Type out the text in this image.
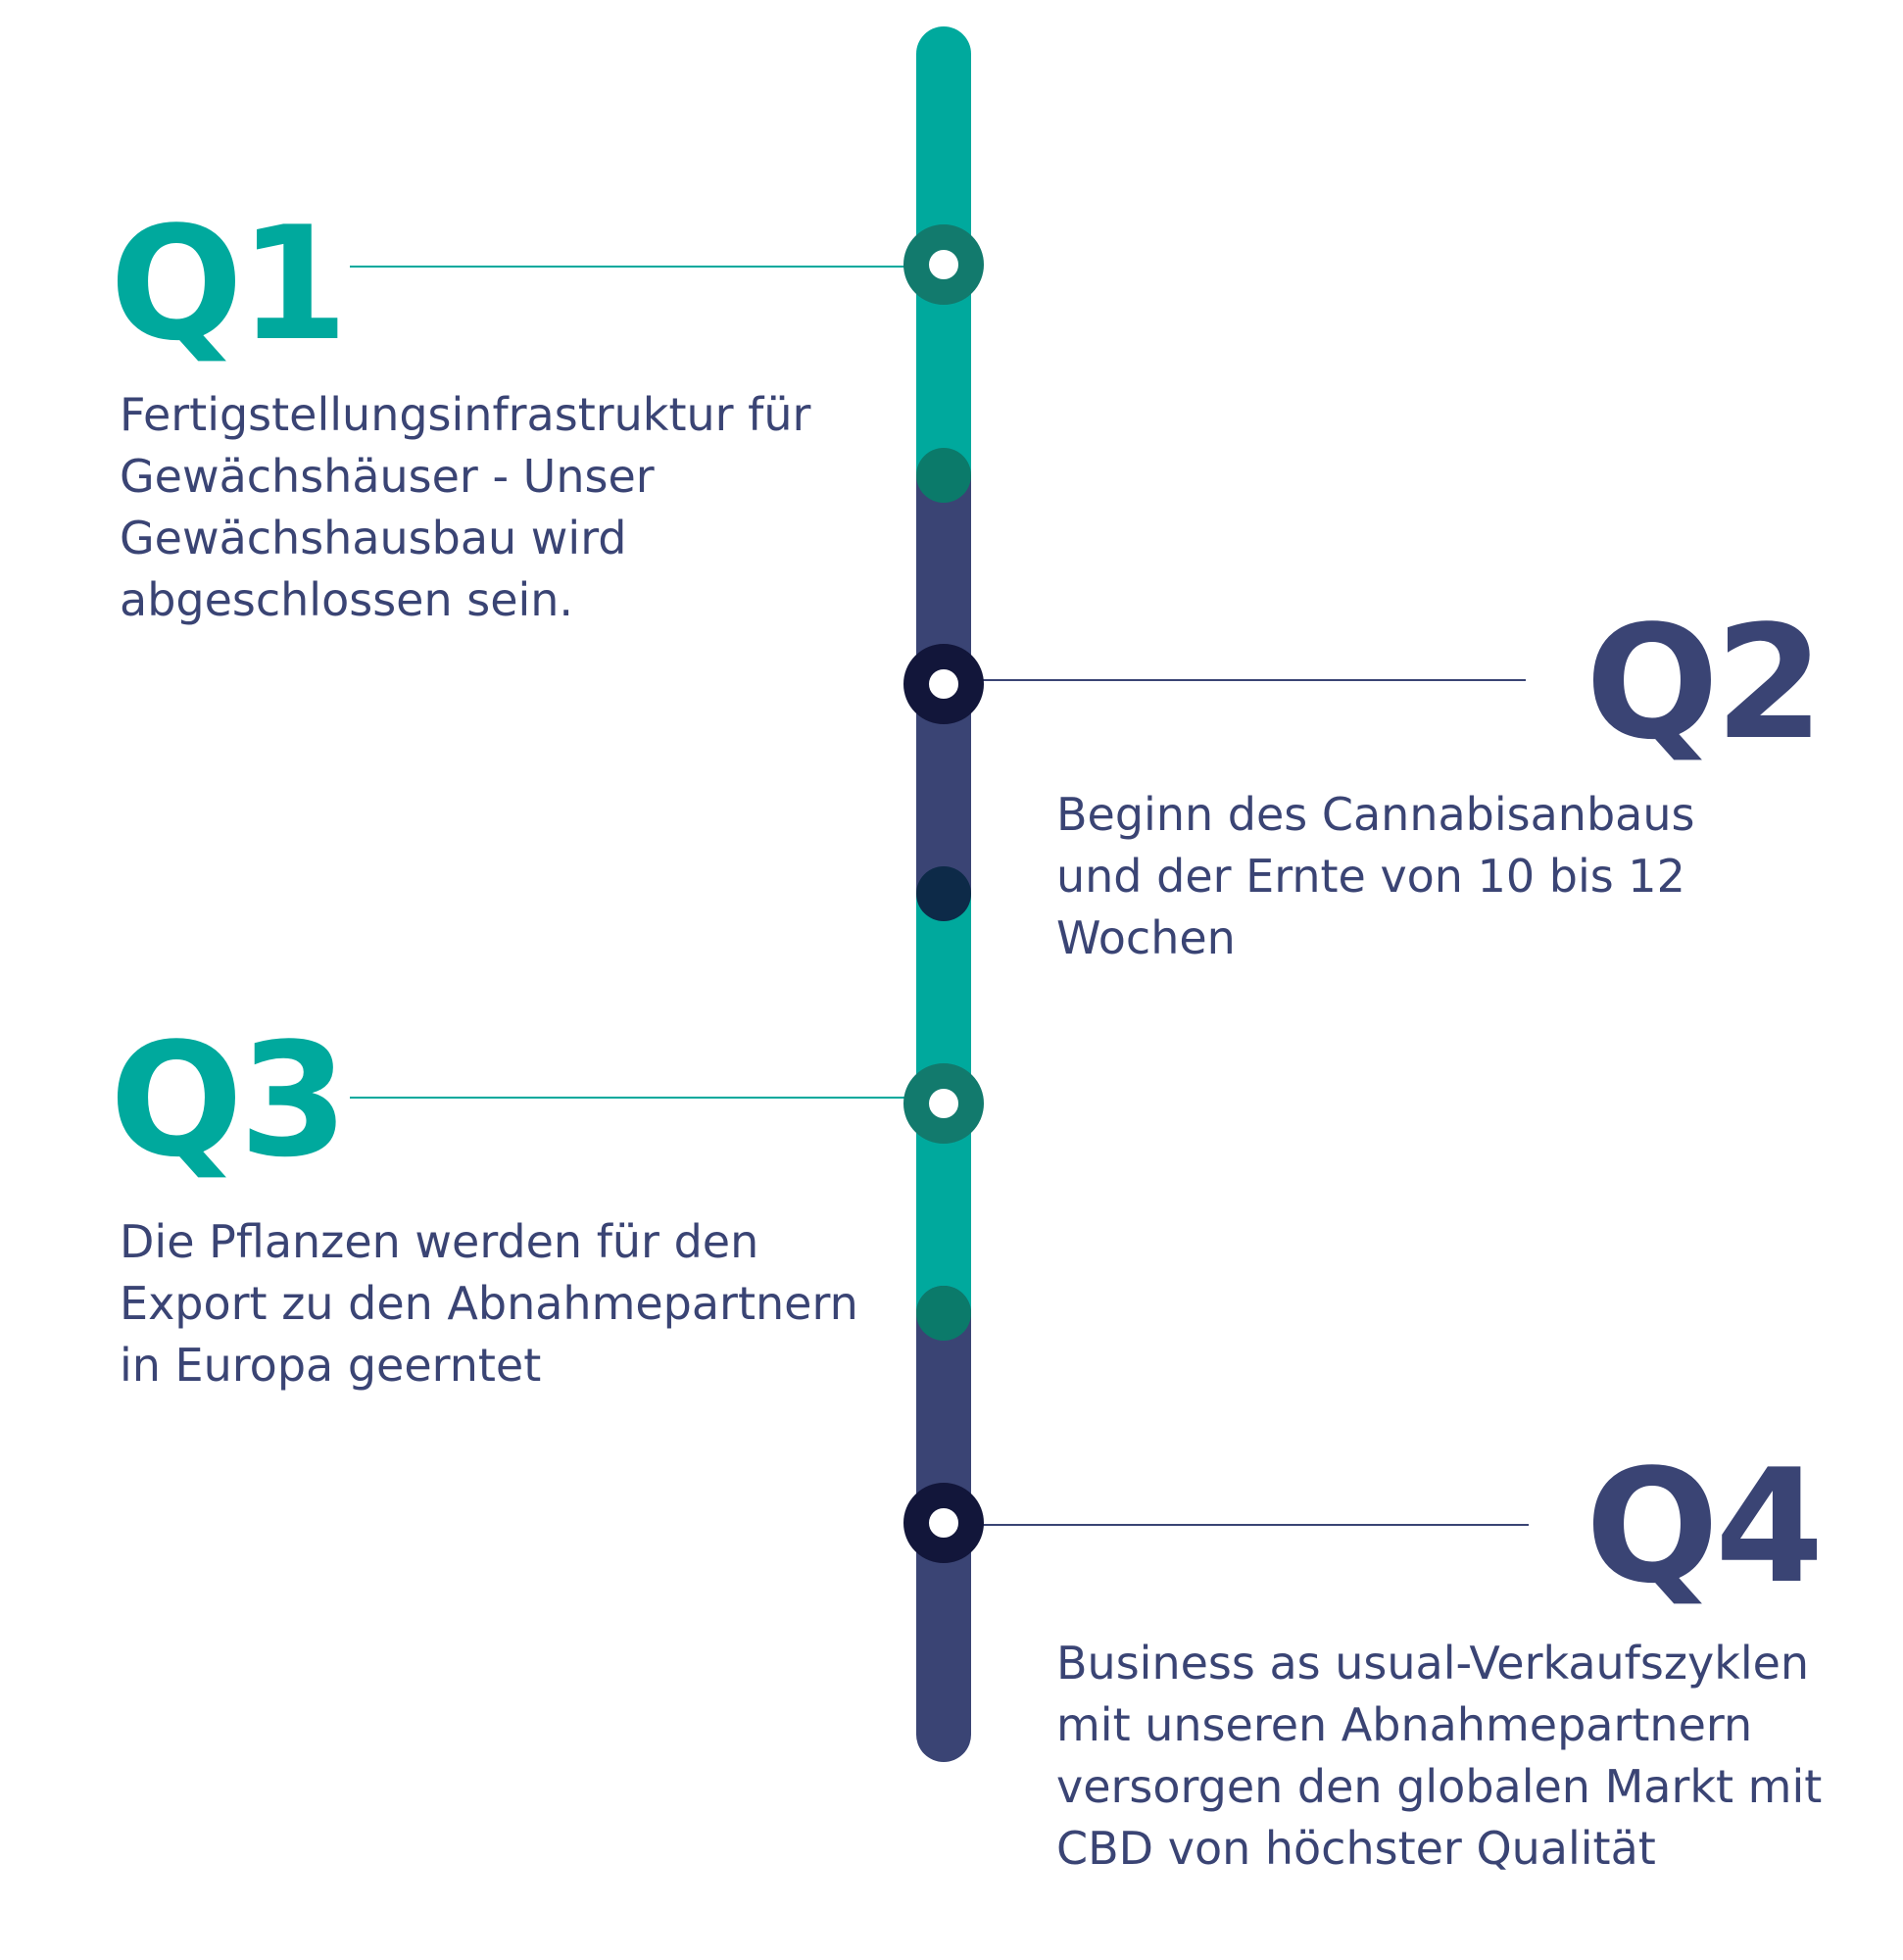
Q1
Fertigstellungsinfrastruktur für Gewächshäuser - Unser Gewächshausbau wird abgeschlossen sein.	Q2
Beginn des Cannabisanbaus und der Ernte von 10 bis 12 Wochen
Q3
Die Pflanzen werden für den Export zu den Abnahmepartnern in Europa geerntet
Q4
Business as usual-Verkaufszyklen mit unseren Abnahmepartnern versorgen den globalen Markt mit CBD von höchster Qualität
